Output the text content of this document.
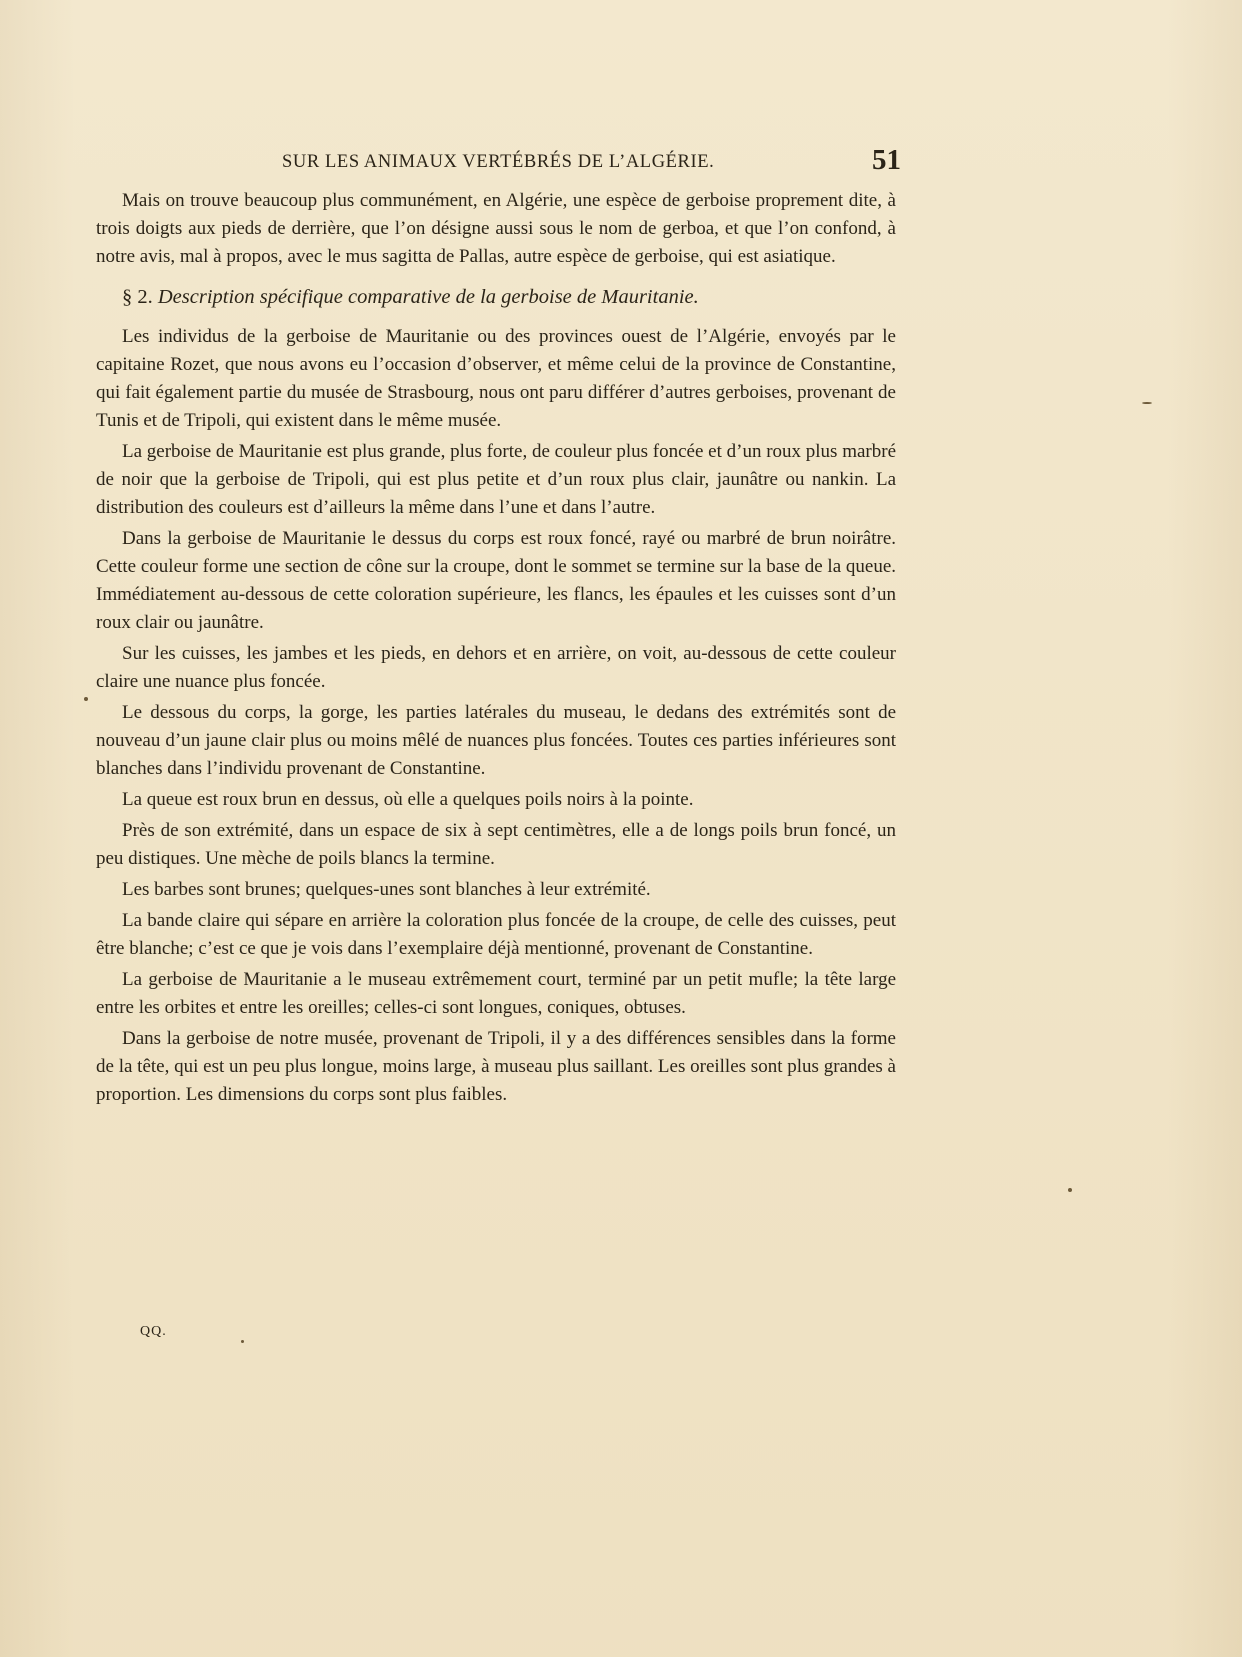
SUR LES ANIMAUX VERTÉBRÉS DE L’ALGÉRIE.	51

Mais on trouve beaucoup plus communément, en Algérie, une espèce de gerboise proprement dite, à trois doigts aux pieds de derrière, que l’on désigne aussi sous le nom de gerboa, et que l’on confond, à notre avis, mal à propos, avec le mus sagitta de Pallas, autre espèce de gerboise, qui est asiatique.

§ 2. Description spécifique comparative de la gerboise de Mauritanie.

Les individus de la gerboise de Mauritanie ou des provinces ouest de l’Algérie, envoyés par le capitaine Rozet, que nous avons eu l’occasion d’observer, et même celui de la province de Constantine, qui fait également partie du musée de Strasbourg, nous ont paru différer d’autres gerboises, provenant de Tunis et de Tripoli, qui existent dans le même musée.

La gerboise de Mauritanie est plus grande, plus forte, de couleur plus foncée et d’un roux plus marbré de noir que la gerboise de Tripoli, qui est plus petite et d’un roux plus clair, jaunâtre ou nankin. La distribution des couleurs est d’ailleurs la même dans l’une et dans l’autre.

Dans la gerboise de Mauritanie le dessus du corps est roux foncé, rayé ou marbré de brun noirâtre. Cette couleur forme une section de cône sur la croupe, dont le sommet se termine sur la base de la queue. Immédiatement au-dessous de cette coloration supérieure, les flancs, les épaules et les cuisses sont d’un roux clair ou jaunâtre.

Sur les cuisses, les jambes et les pieds, en dehors et en arrière, on voit, au-dessous de cette couleur claire une nuance plus foncée.

Le dessous du corps, la gorge, les parties latérales du museau, le dedans des extrémités sont de nouveau d’un jaune clair plus ou moins mêlé de nuances plus foncées. Toutes ces parties inférieures sont blanches dans l’individu provenant de Constantine.

La queue est roux brun en dessus, où elle a quelques poils noirs à la pointe.

Près de son extrémité, dans un espace de six à sept centimètres, elle a de longs poils brun foncé, un peu distiques. Une mèche de poils blancs la termine.

Les barbes sont brunes; quelques-unes sont blanches à leur extrémité.

La bande claire qui sépare en arrière la coloration plus foncée de la croupe, de celle des cuisses, peut être blanche; c’est ce que je vois dans l’exemplaire déjà mentionné, provenant de Constantine.

La gerboise de Mauritanie a le museau extrêmement court, terminé par un petit mufle; la tête large entre les orbites et entre les oreilles; celles-ci sont longues, coniques, obtuses.

Dans la gerboise de notre musée, provenant de Tripoli, il y a des différences sensibles dans la forme de la tête, qui est un peu plus longue, moins large, à museau plus saillant. Les oreilles sont plus grandes à proportion. Les dimensions du corps sont plus faibles.

QQ.
